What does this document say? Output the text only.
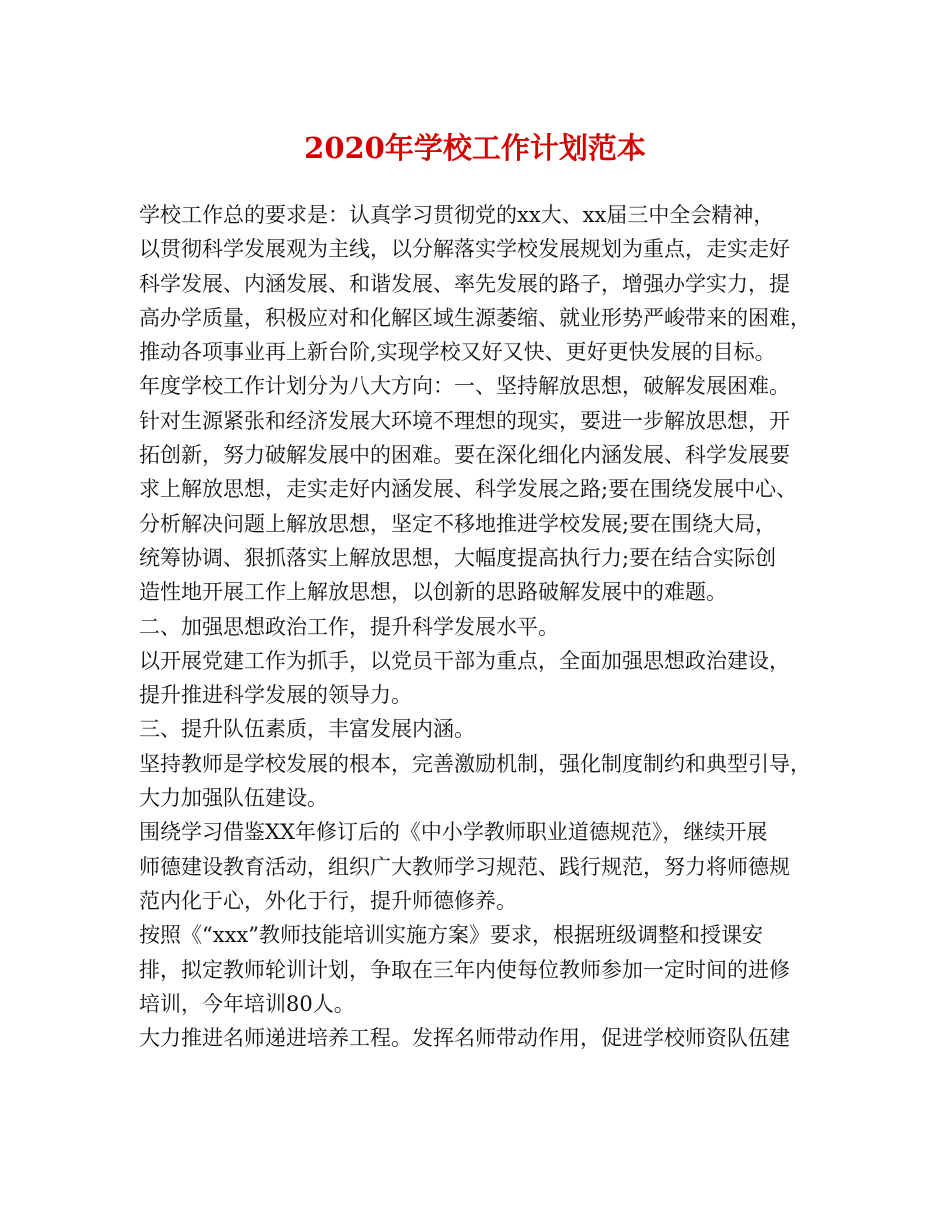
2020年学校工作计划范本
学校工作总的要求是：认真学习贯彻党的xx大、xx届三中全会精神，
以贯彻科学发展观为主线，以分解落实学校发展规划为重点，走实走好
科学发展、内涵发展、和谐发展、率先发展的路子，增强办学实力，提
高办学质量，积极应对和化解区域生源萎缩、就业形势严峻带来的困难，
推动各项事业再上新台阶,实现学校又好又快、更好更快发展的目标。
年度学校工作计划分为八大方向：一、坚持解放思想，破解发展困难。
针对生源紧张和经济发展大环境不理想的现实，要进一步解放思想，开
拓创新，努力破解发展中的困难。要在深化细化内涵发展、科学发展要
求上解放思想，走实走好内涵发展、科学发展之路;要在围绕发展中心、
分析解决问题上解放思想，坚定不移地推进学校发展;要在围绕大局，
统筹协调、狠抓落实上解放思想，大幅度提高执行力;要在结合实际创
造性地开展工作上解放思想，以创新的思路破解发展中的难题。
二、加强思想政治工作，提升科学发展水平。
以开展党建工作为抓手，以党员干部为重点，全面加强思想政治建设，
提升推进科学发展的领导力。
三、提升队伍素质，丰富发展内涵。
坚持教师是学校发展的根本，完善激励机制，强化制度制约和典型引导，
大力加强队伍建设。
围绕学习借鉴XX年修订后的《中小学教师职业道德规范》，继续开展
师德建设教育活动，组织广大教师学习规范、践行规范，努力将师德规
范内化于心，外化于行，提升师德修养。
按照《“xxx”教师技能培训实施方案》要求，根据班级调整和授课安
排，拟定教师轮训计划，争取在三年内使每位教师参加一定时间的进修
培训，今年培训80人。
大力推进名师递进培养工程。发挥名师带动作用，促进学校师资队伍建
